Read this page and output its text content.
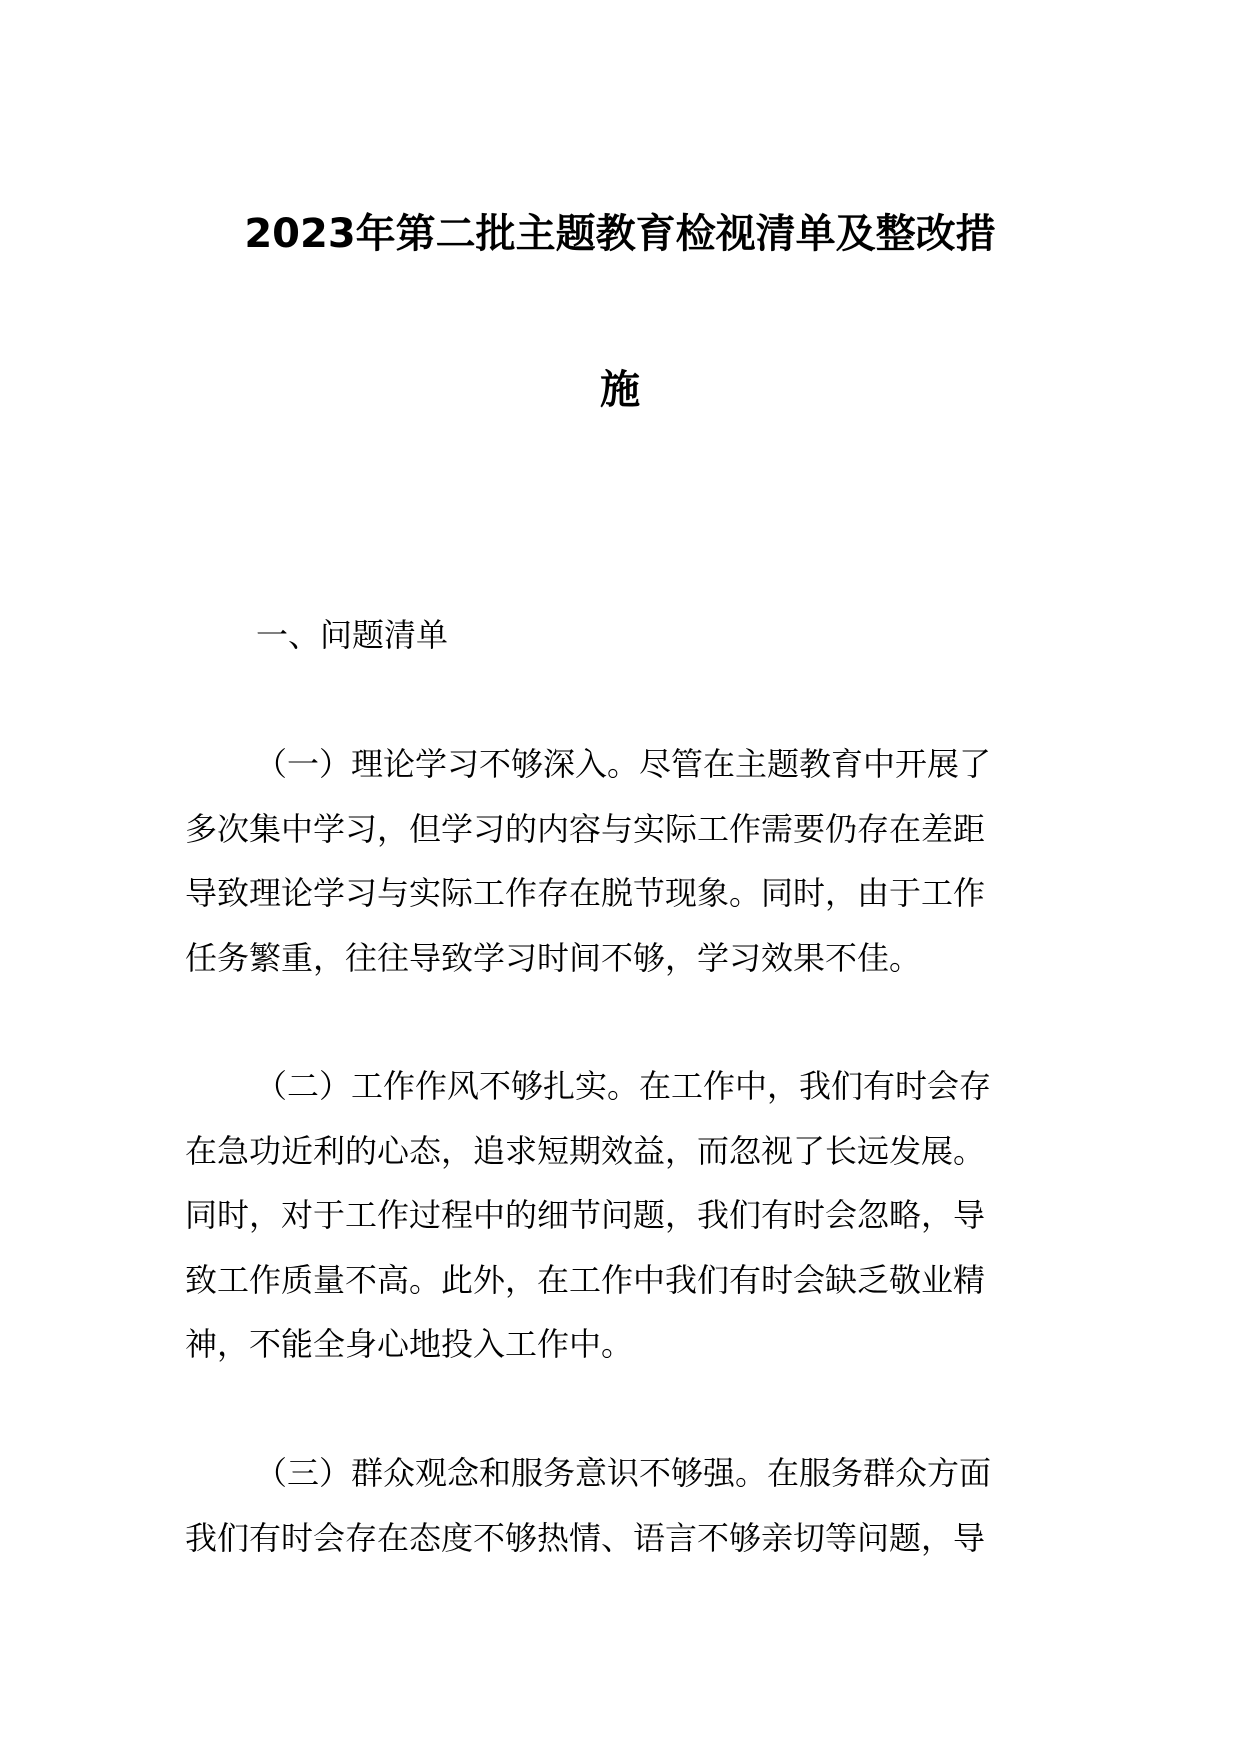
2023年第二批主题教育检视清单及整改措
施
一、问题清单
（一）理论学习不够深入。尽管在主题教育中开展了
多次集中学习，但学习的内容与实际工作需要仍存在差距
导致理论学习与实际工作存在脱节现象。同时，由于工作
任务繁重，往往导致学习时间不够，学习效果不佳。
（二）工作作风不够扎实。在工作中，我们有时会存
在急功近利的心态，追求短期效益，而忽视了长远发展。
同时，对于工作过程中的细节问题，我们有时会忽略，导
致工作质量不高。此外，在工作中我们有时会缺乏敬业精
神，不能全身心地投入工作中。
（三）群众观念和服务意识不够强。在服务群众方面
我们有时会存在态度不够热情、语言不够亲切等问题，导
